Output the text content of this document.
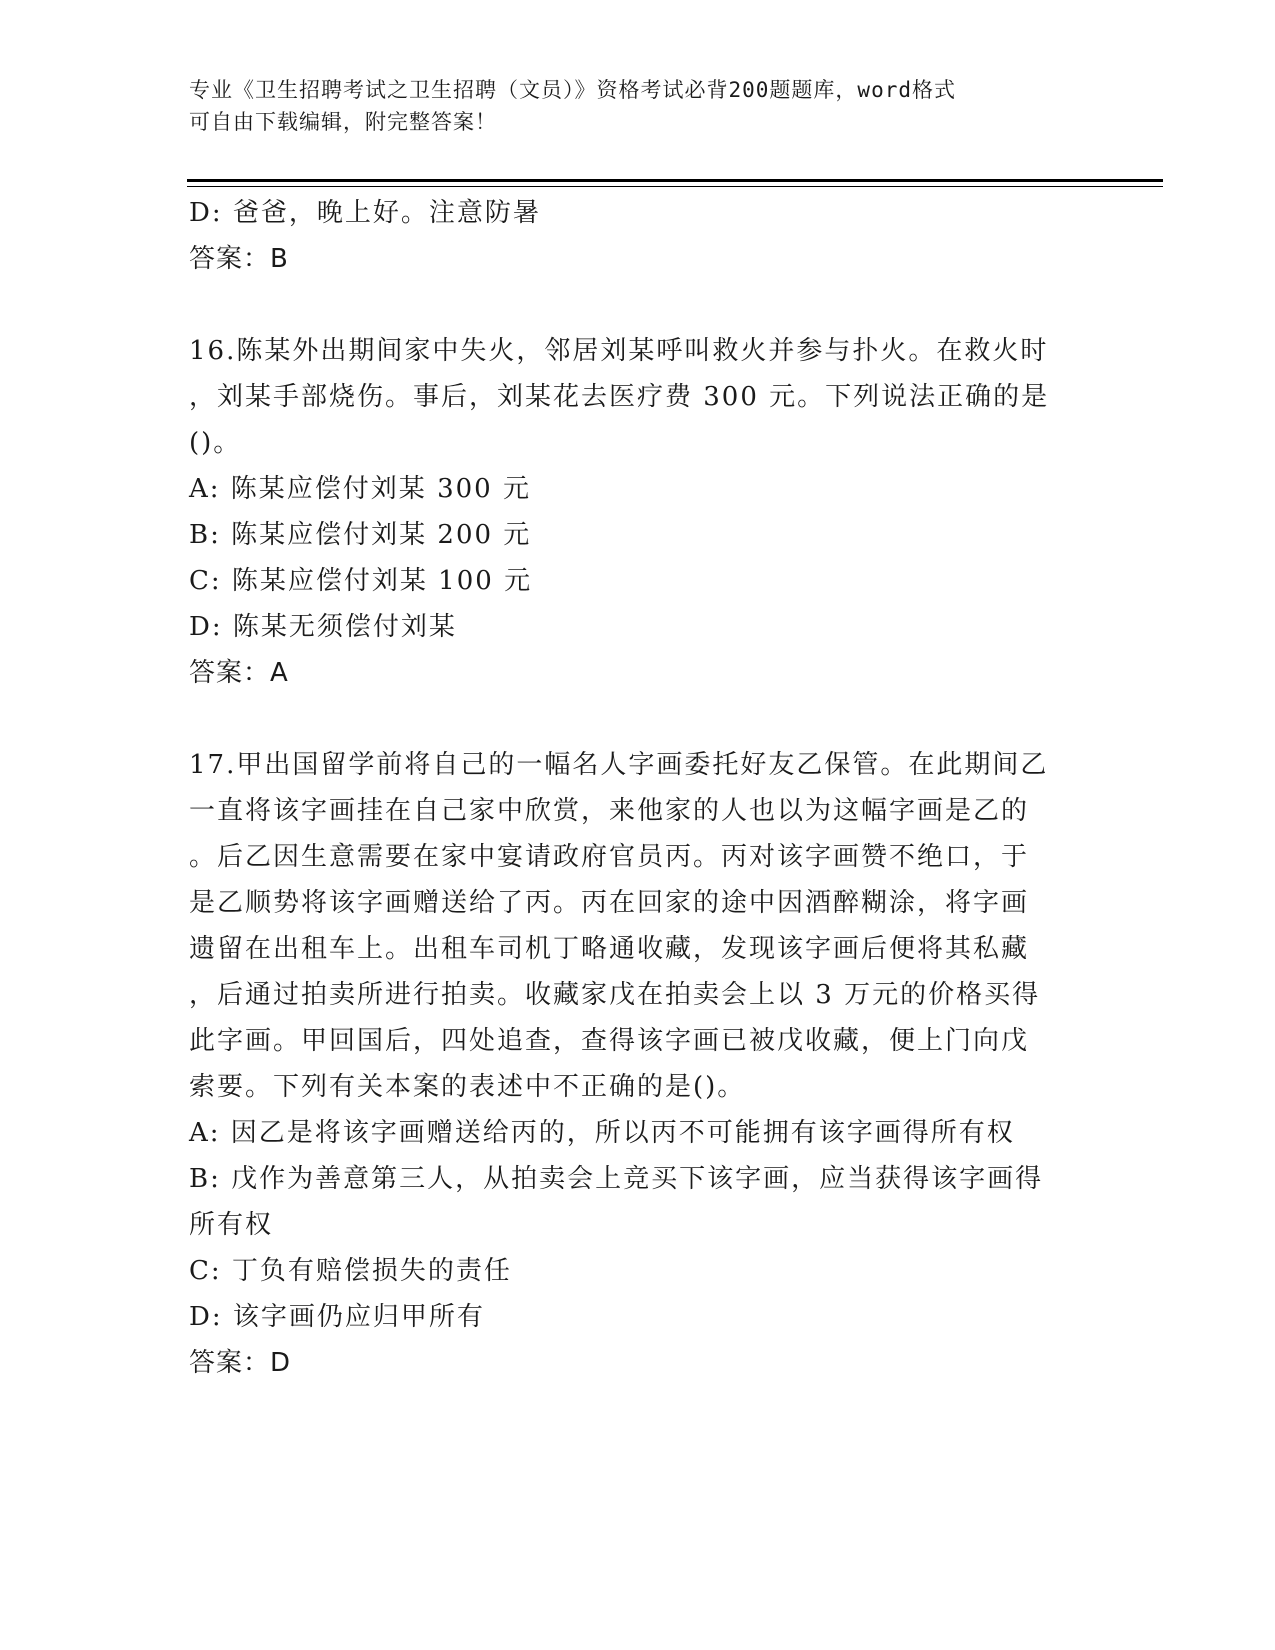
专业《卫生招聘考试之卫生招聘（文员）》资格考试必背200题题库，word格式
可自由下载编辑，附完整答案！
D: 爸爸，晚上好。注意防暑
答案：B
16.陈某外出期间家中失火，邻居刘某呼叫救火并参与扑火。在救火时
，刘某手部烧伤。事后，刘某花去医疗费 300 元。下列说法正确的是
()。
A: 陈某应偿付刘某 300 元
B: 陈某应偿付刘某 200 元
C: 陈某应偿付刘某 100 元
D: 陈某无须偿付刘某
答案：A
17.甲出国留学前将自己的一幅名人字画委托好友乙保管。在此期间乙
一直将该字画挂在自己家中欣赏，来他家的人也以为这幅字画是乙的
。后乙因生意需要在家中宴请政府官员丙。丙对该字画赞不绝口，于
是乙顺势将该字画赠送给了丙。丙在回家的途中因酒醉糊涂，将字画
遗留在出租车上。出租车司机丁略通收藏，发现该字画后便将其私藏
，后通过拍卖所进行拍卖。收藏家戊在拍卖会上以 3 万元的价格买得
此字画。甲回国后，四处追查，查得该字画已被戊收藏，便上门向戊
索要。下列有关本案的表述中不正确的是()。
A: 因乙是将该字画赠送给丙的，所以丙不可能拥有该字画得所有权
B: 戊作为善意第三人，从拍卖会上竞买下该字画，应当获得该字画得
所有权
C: 丁负有赔偿损失的责任
D: 该字画仍应归甲所有
答案：D
